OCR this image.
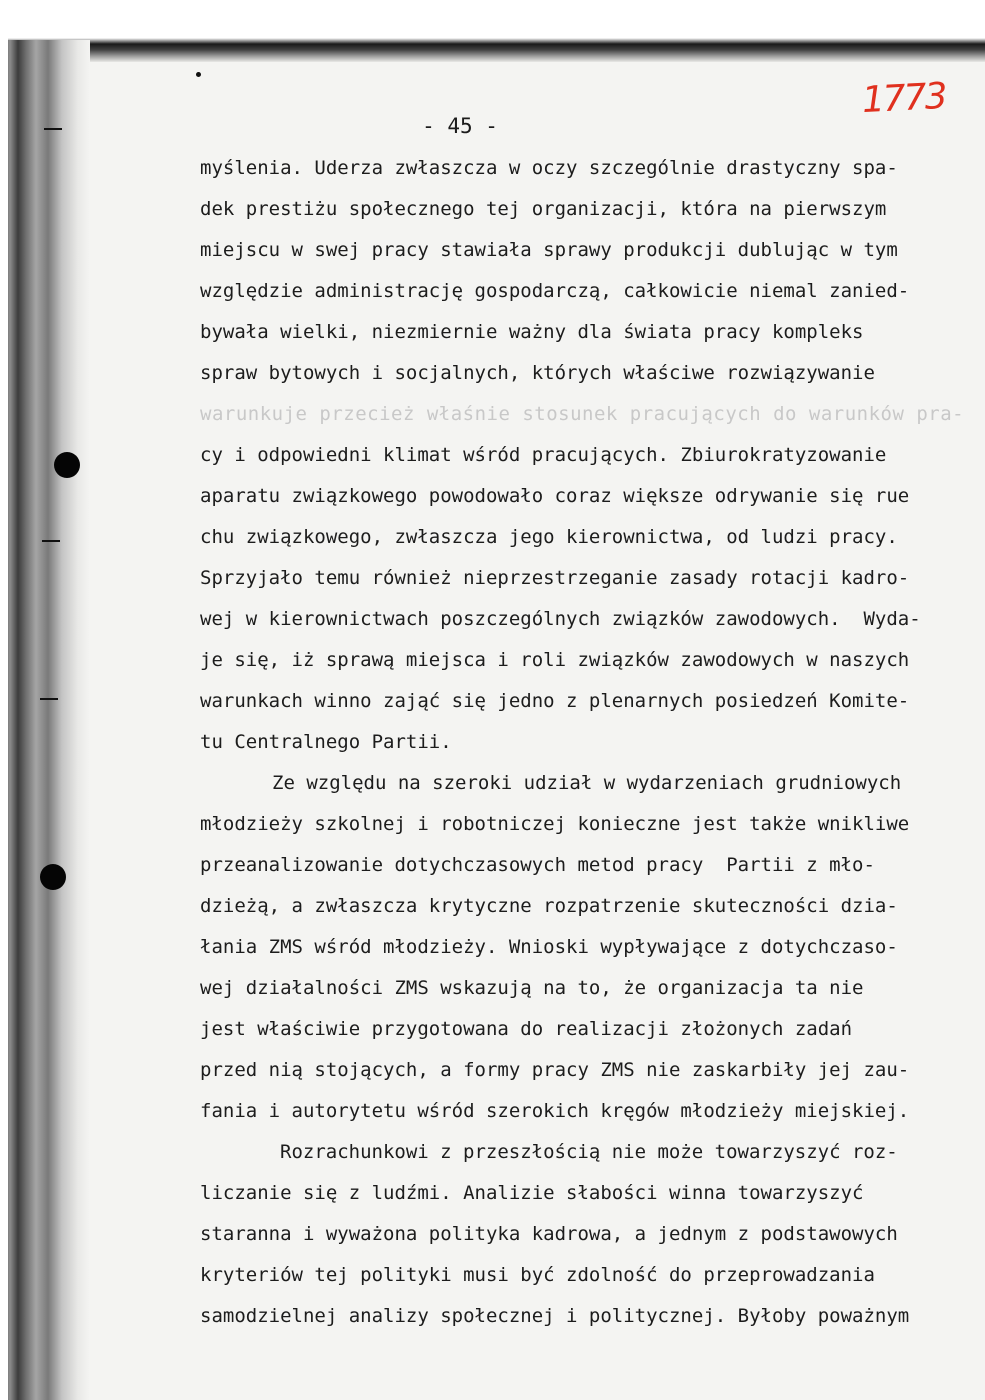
1773
- 45 -
myślenia. Uderza zwłaszcza w oczy szczególnie drastyczny spa-
dek prestiżu społecznego tej organizacji, która na pierwszym
miejscu w swej pracy stawiała sprawy produkcji dublując w tym
względzie administrację gospodarczą, całkowicie niemal zanied-
bywała wielki, niezmiernie ważny dla świata pracy kompleks
spraw bytowych i socjalnych, których właściwe rozwiązywanie
warunkuje przecież właśnie stosunek pracujących do warunków pra-
cy i odpowiedni klimat wśród pracujących. Zbiurokratyzowanie
aparatu związkowego powodowało coraz większe odrywanie się rue
chu związkowego, zwłaszcza jego kierownictwa, od ludzi pracy.
Sprzyjało temu również nieprzestrzeganie zasady rotacji kadro-
wej w kierownictwach poszczególnych związków zawodowych.  Wyda-
je się, iż sprawą miejsca i roli związków zawodowych w naszych
warunkach winno zająć się jedno z plenarnych posiedzeń Komite-
tu Centralnego Partii.
Ze względu na szeroki udział w wydarzeniach grudniowych
młodzieży szkolnej i robotniczej konieczne jest także wnikliwe
przeanalizowanie dotychczasowych metod pracy  Partii z mło-
dzieżą, a zwłaszcza krytyczne rozpatrzenie skuteczności dzia-
łania ZMS wśród młodzieży. Wnioski wypływające z dotychczaso-
wej działalności ZMS wskazują na to, że organizacja ta nie
jest właściwie przygotowana do realizacji złożonych zadań
przed nią stojących, a formy pracy ZMS nie zaskarbiły jej zau-
fania i autorytetu wśród szerokich kręgów młodzieży miejskiej.
Rozrachunkowi z przeszłością nie może towarzyszyć roz-
liczanie się z ludźmi. Analizie słabości winna towarzyszyć
staranna i wyważona polityka kadrowa, a jednym z podstawowych
kryteriów tej polityki musi być zdolność do przeprowadzania
samodzielnej analizy społecznej i politycznej. Byłoby poważnym
